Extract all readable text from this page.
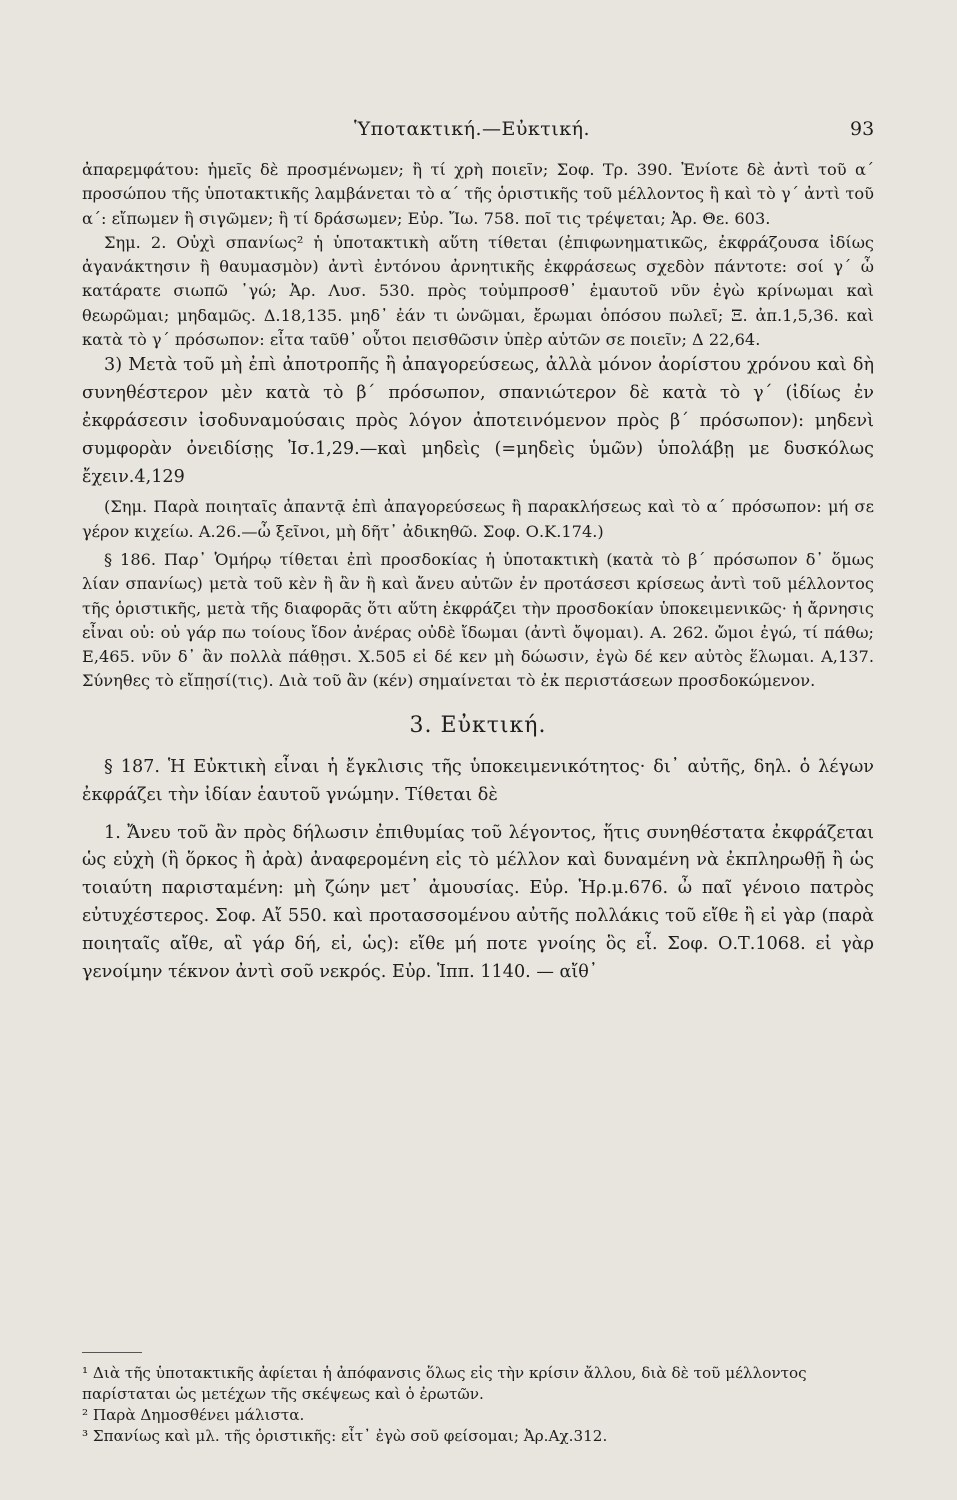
Ὑποτακτική.—Εὐκτική.	93

ἀπαρεμφάτου: ἡμεῖς δὲ προσμένωμεν; ἢ τί χρὴ ποιεῖν; Σοφ. Τρ. 390. Ἐνίοτε δὲ ἀντὶ τοῦ α΄ προσώπου τῆς ὑποτακτικῆς λαμβάνεται τὸ α΄ τῆς ὁριστικῆς τοῦ μέλλοντος ἢ καὶ τὸ γ΄ ἀντὶ τοῦ α΄: εἴπωμεν ἢ σιγῶμεν; ἢ τί δράσωμεν; Εὐρ. Ἴω. 758. ποῖ τις τρέψεται; Ἀρ. Θε. 603.

Σημ. 2. Οὐχὶ σπανίως² ἡ ὑποτακτικὴ αὕτη τίθεται (ἐπιφωνηματικῶς, ἐκφράζουσα ἰδίως ἀγανάκτησιν ἢ θαυμασμὸν) ἀντὶ ἐντόνου ἀρνητικῆς ἐκφράσεως σχεδὸν πάντοτε: σοί γ΄ ὦ κατάρατε σιωπῶ ᾽γώ; Ἀρ. Λυσ. 530. πρὸς τοὐμπροσθ᾽ ἐμαυτοῦ νῦν ἐγὼ κρίνωμαι καὶ θεωρῶμαι; μηδαμῶς. Δ.18,135. μηδ᾽ ἐάν τι ὠνῶμαι, ἔρωμαι ὁπόσου πωλεῖ; Ξ. ἀπ.1,5,36. καὶ κατὰ τὸ γ΄ πρόσωπον: εἶτα ταῦθ᾽ οὗτοι πεισθῶσιν ὑπὲρ αὑτῶν σε ποιεῖν; Δ 22,64.

3) Μετὰ τοῦ μὴ ἐπὶ ἀποτροπῆς ἢ ἀπαγορεύσεως, ἀλλὰ μόνον ἀορίστου χρόνου καὶ δὴ συνηθέστερον μὲν κατὰ τὸ β΄ πρόσωπον, σπανιώτερον δὲ κατὰ τὸ γ΄ (ἰδίως ἐν ἐκφράσεσιν ἰσοδυναμούσαις πρὸς λόγον ἀποτεινόμενον πρὸς β΄ πρόσωπον): μηδενὶ συμφορὰν ὀνειδίσῃς Ἰσ.1,29.—καὶ μηδεὶς (=μηδεὶς ὑμῶν) ὑπολάβῃ με δυσκόλως ἔχειν.4,129

(Σημ. Παρὰ ποιηταῖς ἀπαντᾷ ἐπὶ ἀπαγορεύσεως ἢ παρακλήσεως καὶ τὸ α΄ πρόσωπον: μή σε γέρον κιχείω. Α.26.—ὦ ξεῖνοι, μὴ δῆτ᾽ ἀδικηθῶ. Σοφ. Ο.Κ.174.)

§ 186. Παρ᾽ Ὁμήρῳ τίθεται ἐπὶ προσδοκίας ἡ ὑποτακτικὴ (κατὰ τὸ β΄ πρόσωπον δ᾽ ὅμως λίαν σπανίως) μετὰ τοῦ κὲν ἢ ἂν ἢ καὶ ἄνευ αὐτῶν ἐν προτάσεσι κρίσεως ἀντὶ τοῦ μέλλοντος τῆς ὁριστικῆς, μετὰ τῆς διαφορᾶς ὅτι αὕτη ἐκφράζει τὴν προσδοκίαν ὑποκειμενικῶς· ἡ ἄρνησις εἶναι οὐ: οὐ γάρ πω τοίους ἴδον ἀνέρας οὐδὲ ἴδωμαι (ἀντὶ ὄψομαι). Α. 262. ὤμοι ἐγώ, τί πάθω; Ε,465. νῦν δ᾽ ἂν πολλὰ πάθῃσι. Χ.505 εἰ δέ κεν μὴ δώωσιν, ἐγὼ δέ κεν αὐτὸς ἕλωμαι. Α,137. Σύνηθες τὸ εἴπῃσί(τις). Διὰ τοῦ ἂν (κέν) σημαίνεται τὸ ἐκ περιστάσεων προσδοκώμενον.

3. Εὐκτική.

§ 187. Ἡ Εὐκτικὴ εἶναι ἡ ἔγκλισις τῆς ὑποκειμενικότητος· δι᾽ αὐτῆς, δηλ. ὁ λέγων ἐκφράζει τὴν ἰδίαν ἑαυτοῦ γνώμην. Τίθεται δὲ

1. Ἄνευ τοῦ ἂν πρὸς δήλωσιν ἐπιθυμίας τοῦ λέγοντος, ἥτις συνηθέστατα ἐκφράζεται ὡς εὐχὴ (ἢ ὅρκος ἢ ἀρὰ) ἀναφερομένη εἰς τὸ μέλλον καὶ δυναμένη νὰ ἐκπληρωθῇ ἢ ὡς τοιαύτη παρισταμένη: μὴ ζώην μετ᾽ ἀμουσίας. Εὐρ. Ἡρ.μ.676. ὦ παῖ γένοιο πατρὸς εὐτυχέστερος. Σοφ. Αἴ 550. καὶ προτασσομένου αὐτῆς πολλάκις τοῦ εἴθε ἢ εἰ γὰρ (παρὰ ποιηταῖς αἴθε, αἲ γάρ δή, εἰ, ὡς): εἴθε μή ποτε γνοίης ὃς εἶ. Σοφ. Ο.Τ.1068. εἰ γὰρ γενοίμην τέκνον ἀντὶ σοῦ νεκρός. Εὐρ. Ἱππ. 1140. — αἴθ᾽

¹ Διὰ τῆς ὑποτακτικῆς ἀφίεται ἡ ἀπόφανσις ὅλως εἰς τὴν κρίσιν ἄλλου, διὰ δὲ τοῦ μέλλοντος παρίσταται ὡς μετέχων τῆς σκέψεως καὶ ὁ ἐρωτῶν.

² Παρὰ Δημοσθένει μάλιστα.

³ Σπανίως καὶ μλ. τῆς ὁριστικῆς: εἶτ᾽ ἐγὼ σοῦ φείσομαι; Ἀρ.Αχ.312.
